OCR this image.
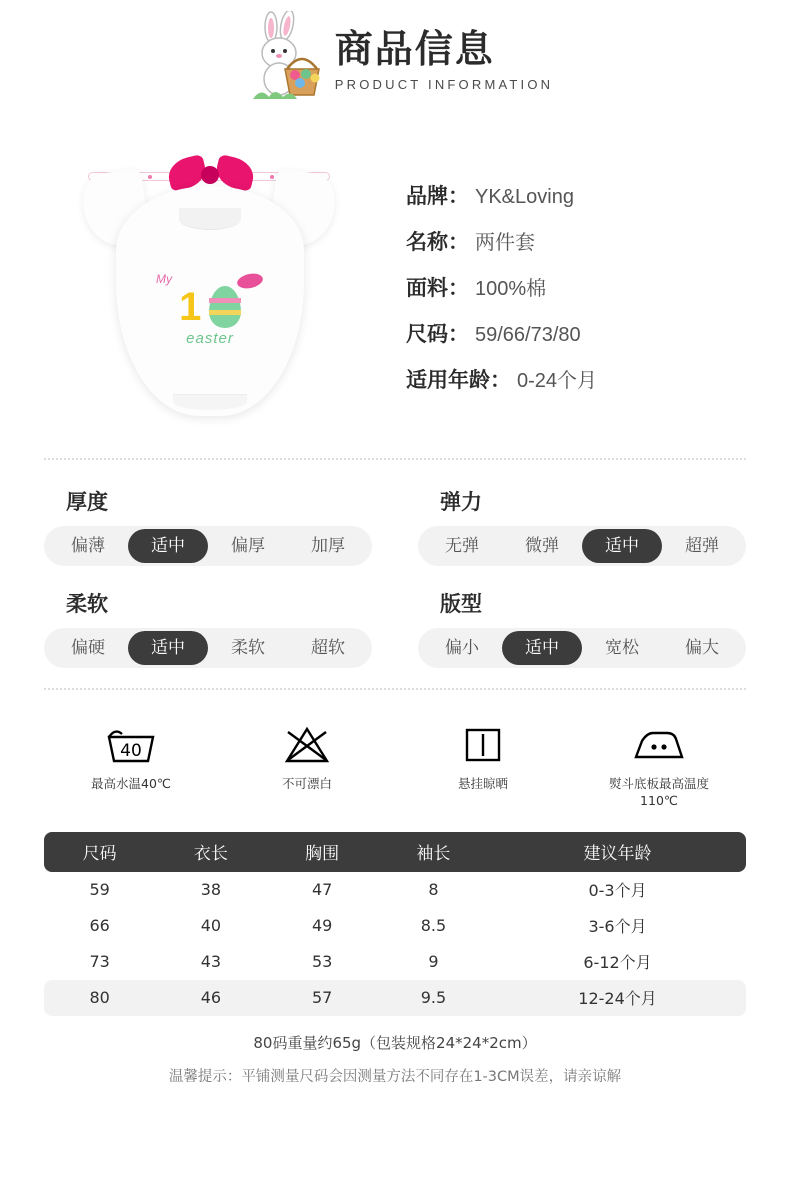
商品信息
PRODUCT INFORMATION
My
1
easter
品牌： YK&Loving
名称： 两件套
面料： 100%棉
尺码： 59/66/73/80
适用年龄： 0-24个月
厚度
偏薄	适中	偏厚	加厚
弹力
无弹	微弹	适中	超弹
柔软
偏硬	适中	柔软	超软
版型
偏小	适中	宽松	偏大
40
最高水温40℃	不可漂白	悬挂晾晒	熨斗底板最高温度110℃
尺码	衣长	胸围	袖长	建议年龄
59	38	47	8	0-3个月
66	40	49	8.5	3-6个月
73	43	53	9	6-12个月
80	46	57	9.5	12-24个月
80码重量约65g（包装规格24*24*2cm）
温馨提示：平铺测量尺码会因测量方法不同存在1-3CM误差，请亲谅解
